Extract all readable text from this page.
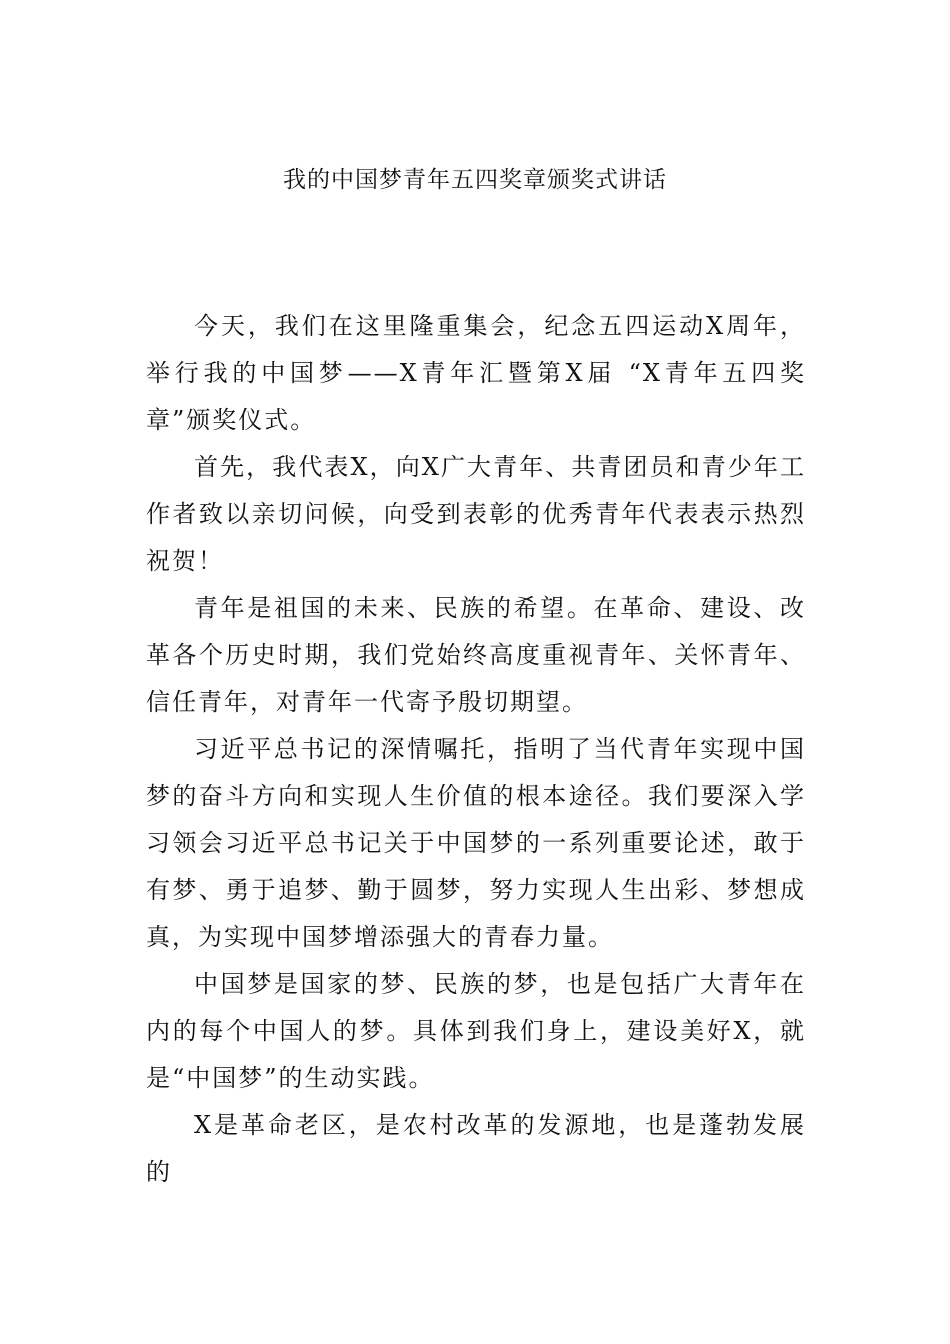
我的中国梦青年五四奖章颁奖式讲话

今天，我们在这里隆重集会，纪念五四运动X周年，举行我的中国梦——X青年汇暨第X届 “X青年五四奖章”颁奖仪式。

首先，我代表X，向X广大青年、共青团员和青少年工作者致以亲切问候，向受到表彰的优秀青年代表表示热烈祝贺！

青年是祖国的未来、民族的希望。在革命、建设、改革各个历史时期，我们党始终高度重视青年、关怀青年、信任青年，对青年一代寄予殷切期望。

习近平总书记的深情嘱托，指明了当代青年实现中国梦的奋斗方向和实现人生价值的根本途径。我们要深入学习领会习近平总书记关于中国梦的一系列重要论述，敢于有梦、勇于追梦、勤于圆梦，努力实现人生出彩、梦想成真，为实现中国梦增添强大的青春力量。

中国梦是国家的梦、民族的梦，也是包括广大青年在内的每个中国人的梦。具体到我们身上，建设美好X，就是“中国梦”的生动实践。

X是革命老区，是农村改革的发源地，也是蓬勃发展的
